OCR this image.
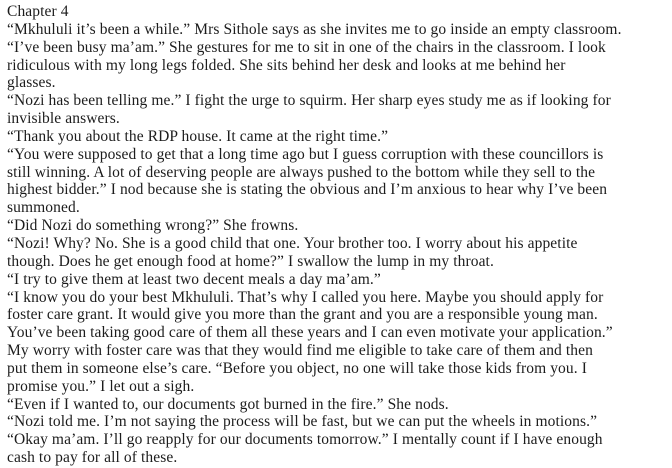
Chapter 4
“Mkhululi it’s been a while.” Mrs Sithole says as she invites me to go inside an empty classroom.
“I’ve been busy ma’am.” She gestures for me to sit in one of the chairs in the classroom. I look
ridiculous with my long legs folded. She sits behind her desk and looks at me behind her
glasses.
“Nozi has been telling me.” I fight the urge to squirm. Her sharp eyes study me as if looking for
invisible answers.
“Thank you about the RDP house. It came at the right time.”
“You were supposed to get that a long time ago but I guess corruption with these councillors is
still winning. A lot of deserving people are always pushed to the bottom while they sell to the
highest bidder.” I nod because she is stating the obvious and I’m anxious to hear why I’ve been
summoned.
“Did Nozi do something wrong?” She frowns.
“Nozi! Why? No. She is a good child that one. Your brother too. I worry about his appetite
though. Does he get enough food at home?” I swallow the lump in my throat.
“I try to give them at least two decent meals a day ma’am.”
“I know you do your best Mkhululi. That’s why I called you here. Maybe you should apply for
foster care grant. It would give you more than the grant and you are a responsible young man.
You’ve been taking good care of them all these years and I can even motivate your application.”
My worry with foster care was that they would find me eligible to take care of them and then
put them in someone else’s care. “Before you object, no one will take those kids from you. I
promise you.” I let out a sigh.
“Even if I wanted to, our documents got burned in the fire.” She nods.
“Nozi told me. I’m not saying the process will be fast, but we can put the wheels in motions.”
“Okay ma’am. I’ll go reapply for our documents tomorrow.” I mentally count if I have enough
cash to pay for all of these.
